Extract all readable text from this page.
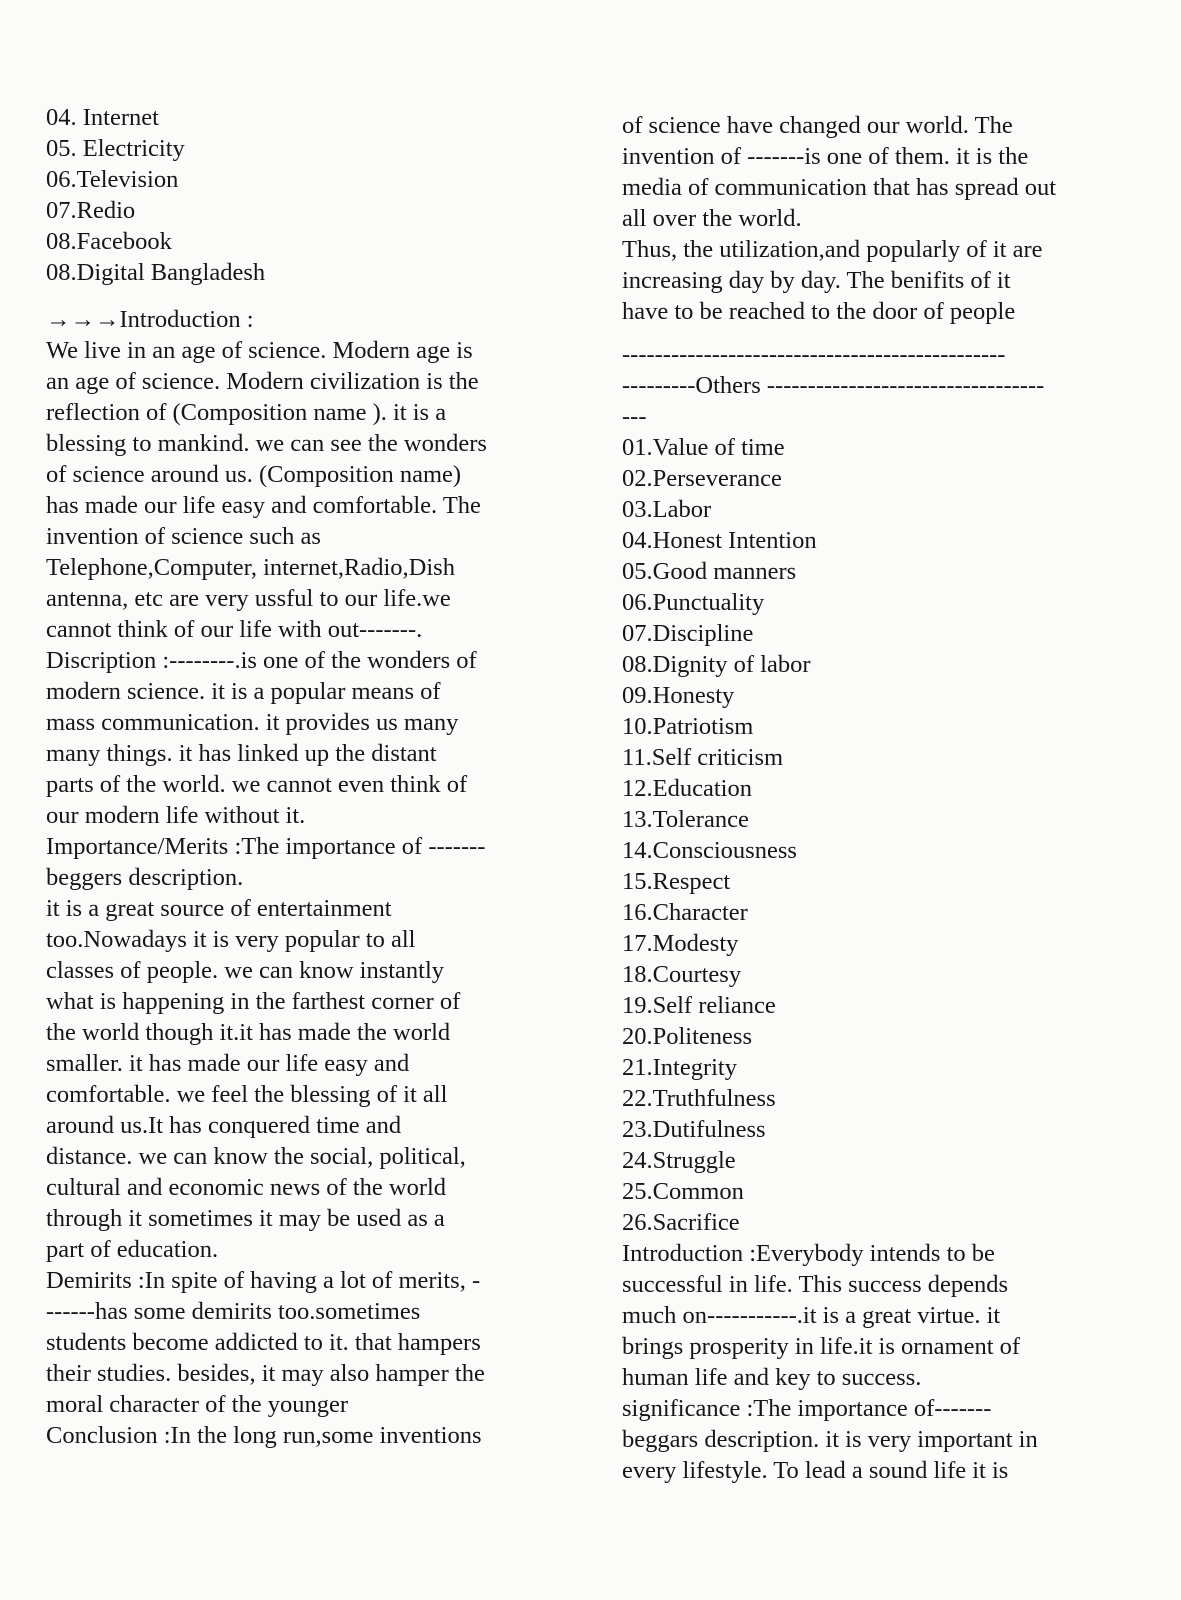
04. Internet
05. Electricity
06.Television
07.Redio
08.Facebook
08.Digital Bangladesh
→→→Introduction :
We live in an age of science. Modern age is
an age of science. Modern civilization is the
reflection of (Composition name ). it is a
blessing to mankind. we can see the wonders
of science around us. (Composition name)
has made our life easy and comfortable. The
invention of science such as
Telephone,Computer, internet,Radio,Dish
antenna, etc are very ussful to our life.we
cannot think of our life with out-------.
Discription :--------.is one of the wonders of
modern science. it is a popular means of
mass communication. it provides us many
many things. it has linked up the distant
parts of the world. we cannot even think of
our modern life without it.
Importance/Merits :The importance of -------
beggers description.
it is a great source of entertainment
too.Nowadays it is very popular to all
classes of people. we can know instantly
what is happening in the farthest corner of
the world though it.it has made the world
smaller. it has made our life easy and
comfortable. we feel the blessing of it all
around us.It has conquered time and
distance. we can know the social, political,
cultural and economic news of the world
through it sometimes it may be used as a
part of education.
Demirits :In spite of having a lot of merits, -
------has some demirits too.sometimes
students become addicted to it. that hampers
their studies. besides, it may also hamper the
moral character of the younger
Conclusion :In the long run,some inventions
of science have changed our world. The
invention of -------is one of them. it is the
media of communication that has spread out
all over the world.
Thus, the utilization,and popularly of it are
increasing day by day. The benifits of it
have to be reached to the door of people
-----------------------------------------------
---------Others ----------------------------------
---
01.Value of time
02.Perseverance
03.Labor
04.Honest Intention
05.Good manners
06.Punctuality
07.Discipline
08.Dignity of labor
09.Honesty
10.Patriotism
11.Self criticism
12.Education
13.Tolerance
14.Consciousness
15.Respect
16.Character
17.Modesty
18.Courtesy
19.Self reliance
20.Politeness
21.Integrity
22.Truthfulness
23.Dutifulness
24.Struggle
25.Common
26.Sacrifice
Introduction :Everybody intends to be
successful in life. This success depends
much on-----------.it is a great virtue. it
brings prosperity in life.it is ornament of
human life and key to success.
significance :The importance of-------
beggars description. it is very important in
every lifestyle. To lead a sound life it is
